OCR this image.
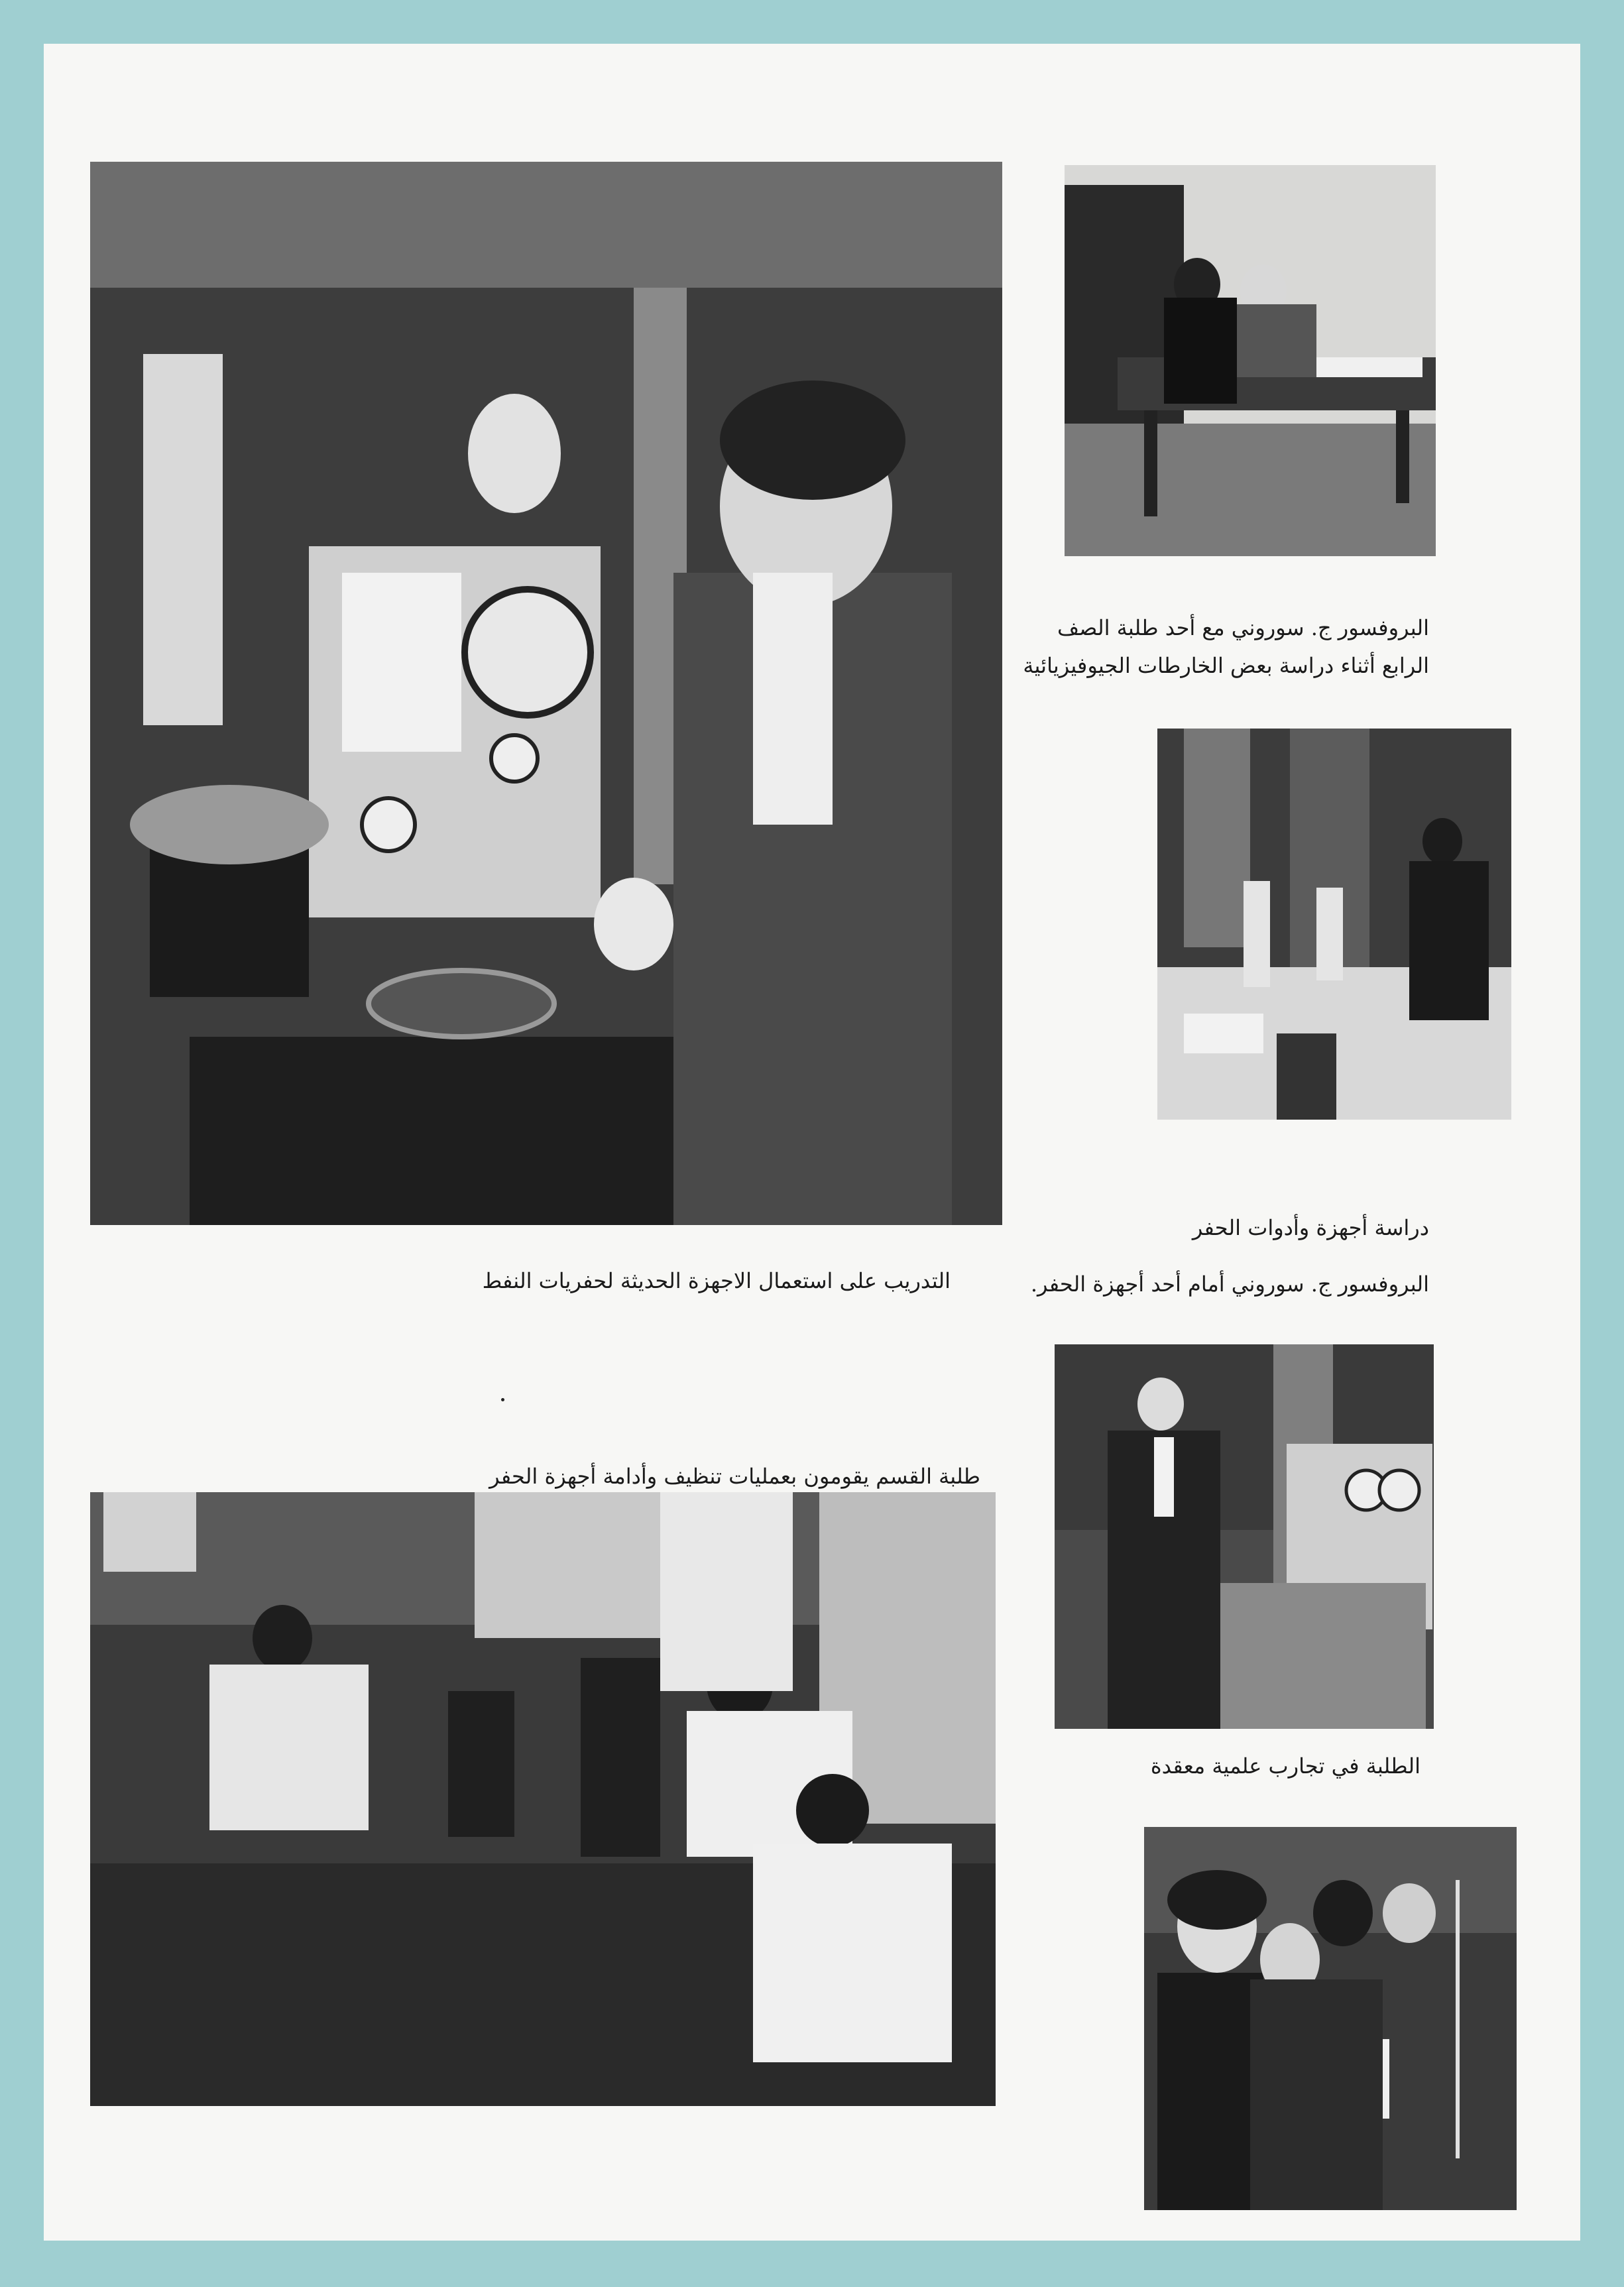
البروفسور ج. سوروني مع أحد طلبة الصف
الرابع أثناء دراسة بعض الخارطات الجيوفيزيائية
دراسة أجهزة وأدوات الحفر
البروفسور ج. سوروني أمام أحد أجهزة الحفر.
التدريب على استعمال الاجهزة الحديثة لحفريات النفط
طلبة القسم يقومون بعمليات تنظيف وأدامة أجهزة الحفر
الطلبة في تجارب علمية معقدة
